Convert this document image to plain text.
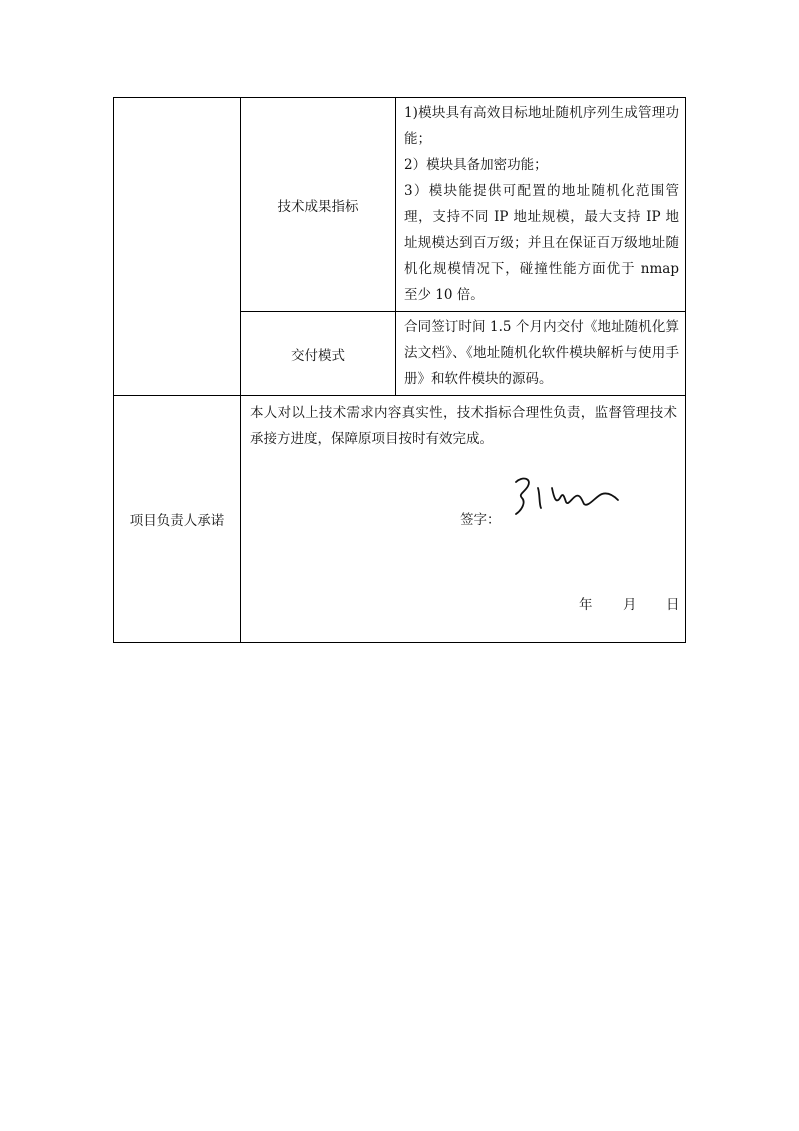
	技术成果指标	1)模块具有高效目标地址随机序列生成管理功能；

2）模块具备加密功能；

3）模块能提供可配置的地址随机化范围管理，支持不同 IP 地址规模，最大支持 IP 地址规模达到百万级；并且在保证百万级地址随机化规模情况下，碰撞性能方面优于 nmap 至少 10 倍。

	交付模式	合同签订时间 1.5 个月内交付《地址随机化算法文档》、《地址随机化软件模块解析与使用手册》和软件模块的源码。
项目负责人承诺	本人对以上技术需求内容真实性，技术指标合理性负责，监督管理技术承接方进度，保障原项目按时有效完成。
签字：
年 月 日	
